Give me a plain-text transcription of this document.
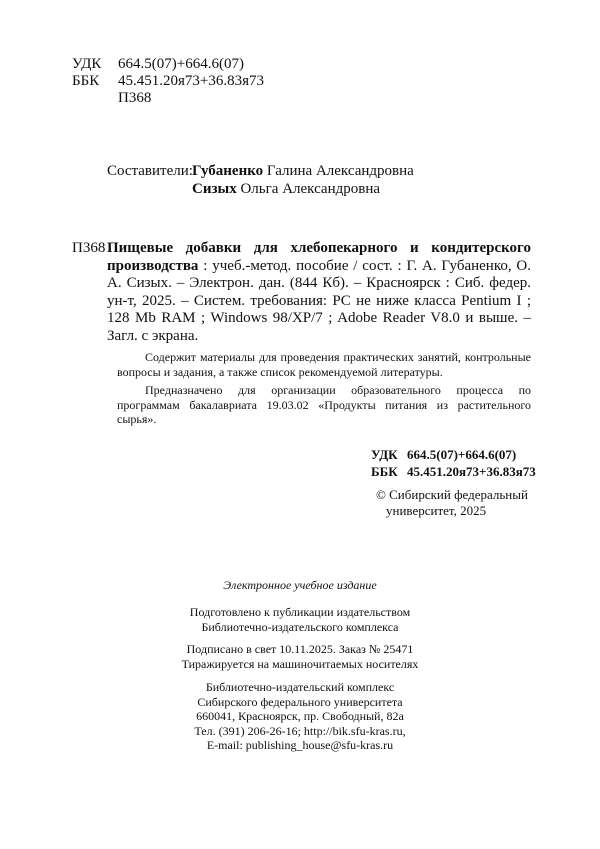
УДК 664.5(07)+664.6(07)
ББК 45.451.20я73+36.83я73
П368
Составители:Губаненко Галина Александровна
Сизых Ольга Александровна
П368 Пищевые добавки для хлебопекарного и кондитерского производства : учеб.-метод. пособие / сост. : Г. А. Губаненко, О. А. Сизых. – Электрон. дан. (844 Кб). – Красноярск : Сиб. федер. ун-т, 2025. – Систем. требования: PC не ниже класса Pentium I ; 128 Mb RAM ; Windows 98/XP/7 ; Adobe Reader V8.0 и выше. – Загл. с экрана.

Содержит материалы для проведения практических занятий, контрольные вопросы и задания, а также список рекомендуемой литературы.

Предназначено для организации образовательного процесса по программам бакалавриата 19.03.02 «Продукты питания из растительного сырья».

УДК 664.5(07)+664.6(07)
ББК 45.451.20я73+36.83я73
© Сибирский федеральный
университет, 2025
Электронное учебное издание
Подготовлено к публикации издательством
Библиотечно-издательского комплекса
Подписано в свет 10.11.2025. Заказ № 25471
Тиражируется на машиночитаемых носителях
Библиотечно-издательский комплекс
Сибирского федерального университета
660041, Красноярск, пр. Свободный, 82а
Тел. (391) 206-26-16; http://bik.sfu-kras.ru,
E-mail: publishing_house@sfu-kras.ru
